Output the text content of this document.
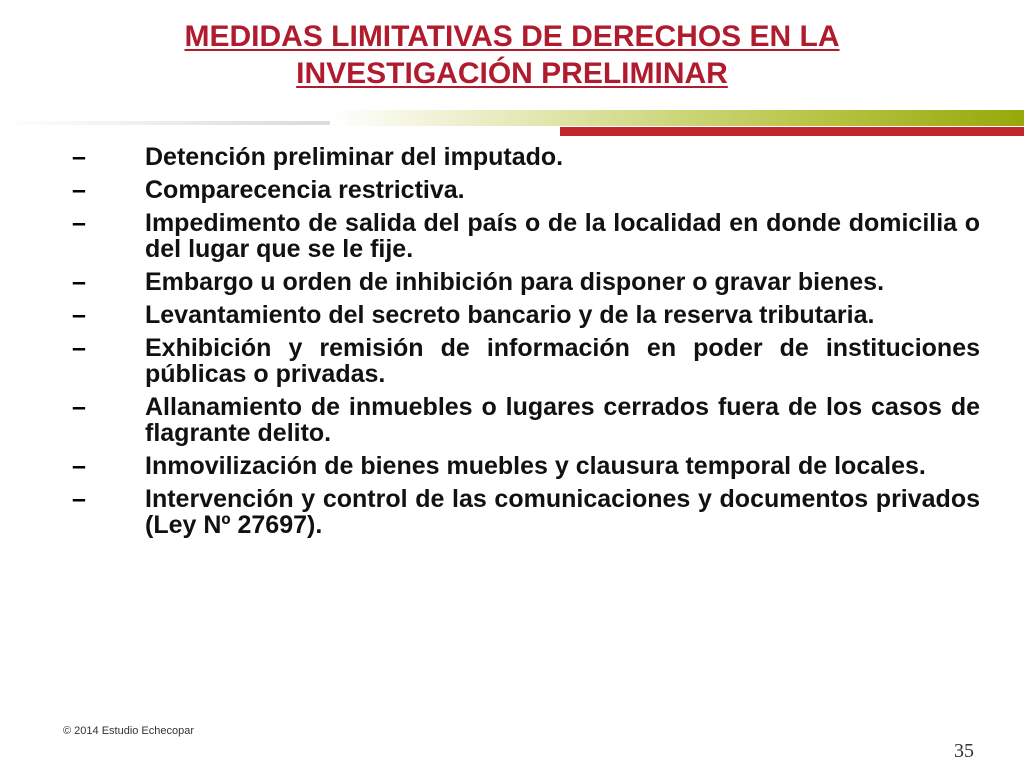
MEDIDAS LIMITATIVAS DE DERECHOS EN LA
INVESTIGACIÓN PRELIMINAR
–	Detención preliminar del imputado.
–	Comparecencia restrictiva.
–	Impedimento de salida del país o de la localidad en donde domicilia o del lugar que se le fije.
–	Embargo u orden de inhibición para disponer o gravar bienes.
–	Levantamiento del secreto bancario y de la reserva tributaria.
–	Exhibición y remisión de información en poder de instituciones públicas o privadas.
–	Allanamiento de inmuebles o lugares cerrados fuera de los casos de flagrante delito.
–	Inmovilización de bienes muebles y clausura temporal de locales.
–	Intervención y control de las comunicaciones y documentos privados (Ley Nº 27697).
© 2014 Estudio Echecopar
35
